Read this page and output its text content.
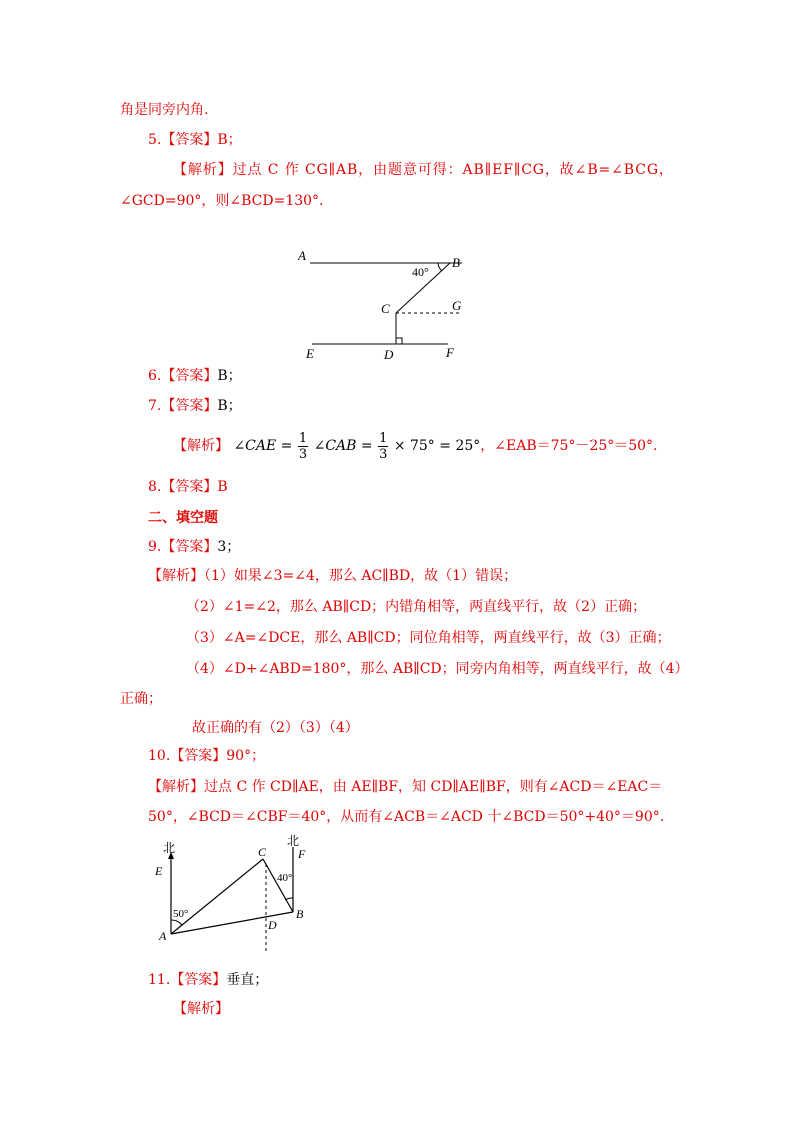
角是同旁内角.
5.【答案】B；
【解析】过点 C 作 CG∥AB，由题意可得：AB∥EF∥CG，故∠B=∠BCG，
∠GCD=90°，则∠BCD=130°.
A	B
40°
C	G
E	D	F
6.【答案】B；
7.【答案】B；
【解析】 ∠CAE = $\frac{1}{3}$ ∠CAB = $\frac{1}{3} \times 75^\circ = 25^\circ$，∠EAB＝75°－25°＝50°.
8.【答案】B
二、填空题
9.【答案】3；
【解析】（1）如果∠3=∠4，那么 AC∥BD，故（1）错误；
（2）∠1=∠2，那么 AB∥CD；内错角相等，两直线平行，故（2）正确；
（3）∠A=∠DCE，那么 AB∥CD；同位角相等，两直线平行，故（3）正确；
（4）∠D+∠ABD=180°，那么 AB∥CD；同旁内角相等，两直线平行，故（4）
正确；
故正确的有（2）（3）（4）
10.【答案】90°；
【解析】过点 C 作 CD∥AE，由 AE∥BF，知 CD∥AE∥BF，则有∠ACD＝∠EAC＝
50°，∠BCD＝∠CBF＝40°，从而有∠ACB＝∠ACD 十∠BCD＝50°+40°＝90°.
北	北
E
C	F
40°
50°	B
D
A
11.【答案】垂直；
【解析】
